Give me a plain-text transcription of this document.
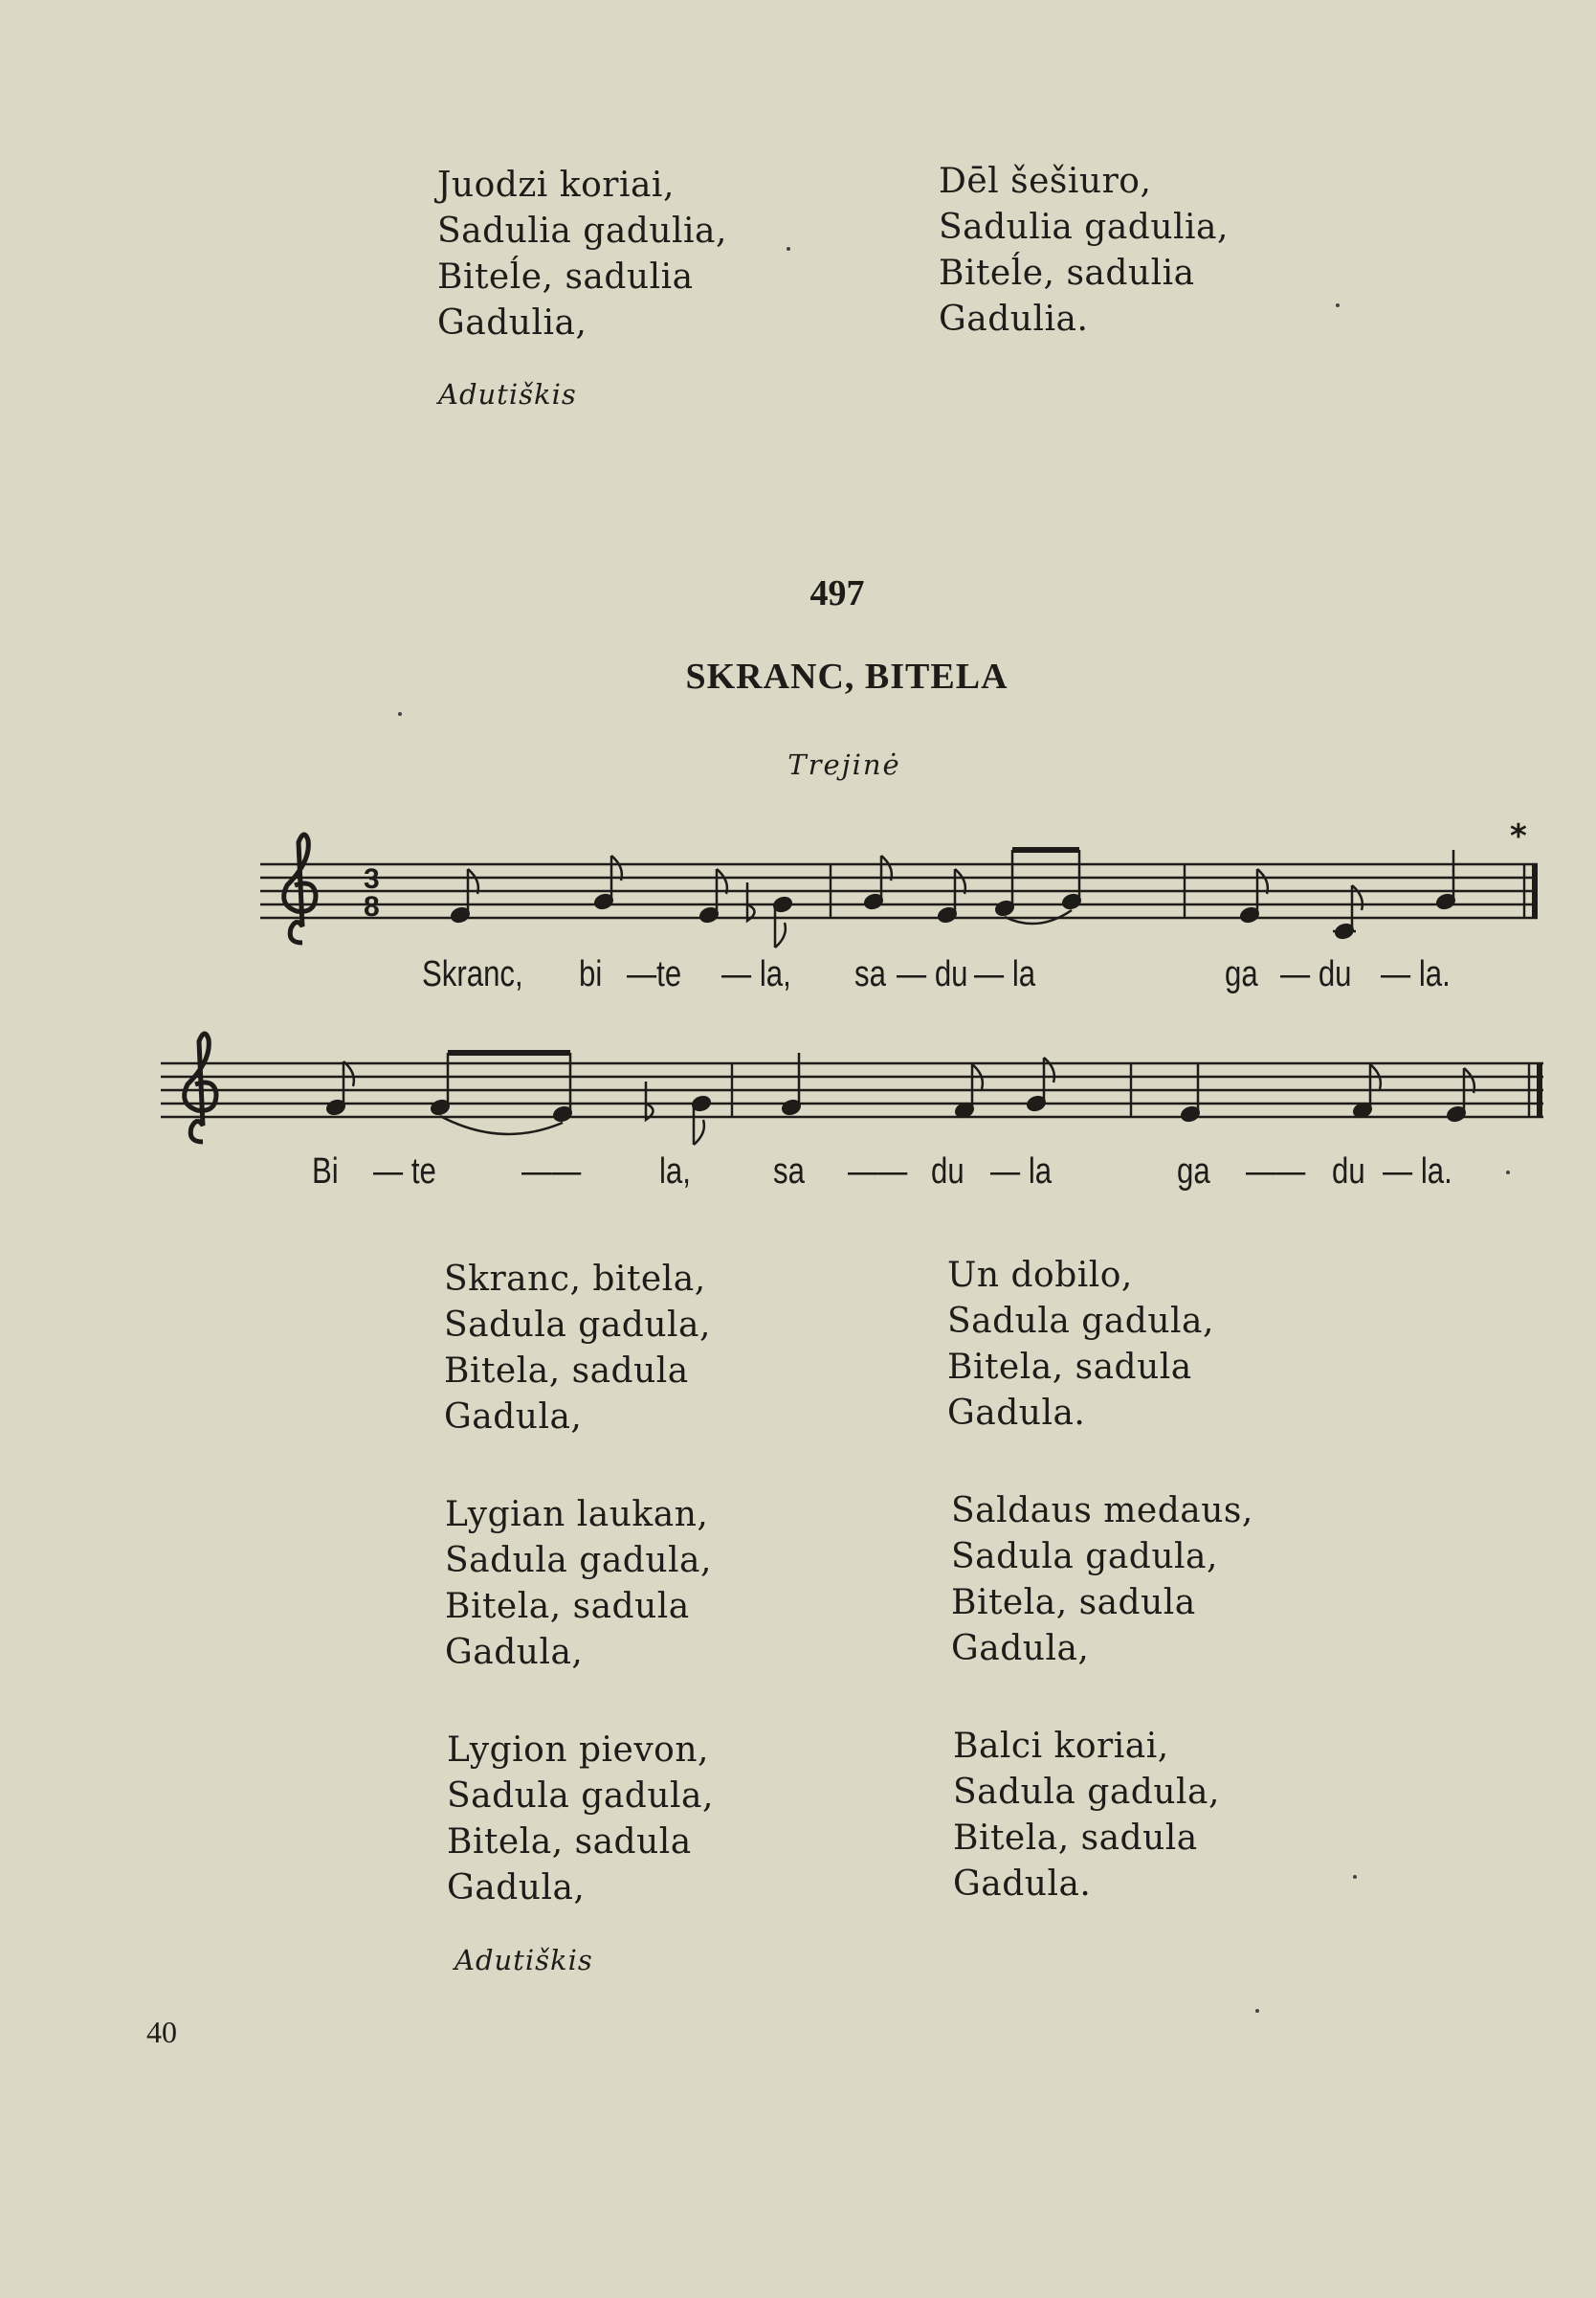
Juodzi koriai,
Sadulia gadulia,
Biteĺe, sadulia
Gadulia,
Dēl šešiuro,
Sadulia gadulia,
Biteĺe, sadulia
Gadulia.
Adutiškis
497
SKRANC, BITELA
Trejinė
3
8
*
Skranc, bi —te — la, sa — du — la	ga — du — la.
Bi — te —— la, sa —— du — la	ga —— du — la.
Skranc, bitela,
Sadula gadula,
Bitela, sadula
Gadula,
Un dobilo,
Sadula gadula,
Bitela, sadula
Gadula.
Lygian laukan,
Sadula gadula,
Bitela, sadula
Gadula,
Saldaus medaus,
Sadula gadula,
Bitela, sadula
Gadula,
Lygion pievon,
Sadula gadula,
Bitela, sadula
Gadula,
Balci koriai,
Sadula gadula,
Bitela, sadula
Gadula.
Adutiškis
40
